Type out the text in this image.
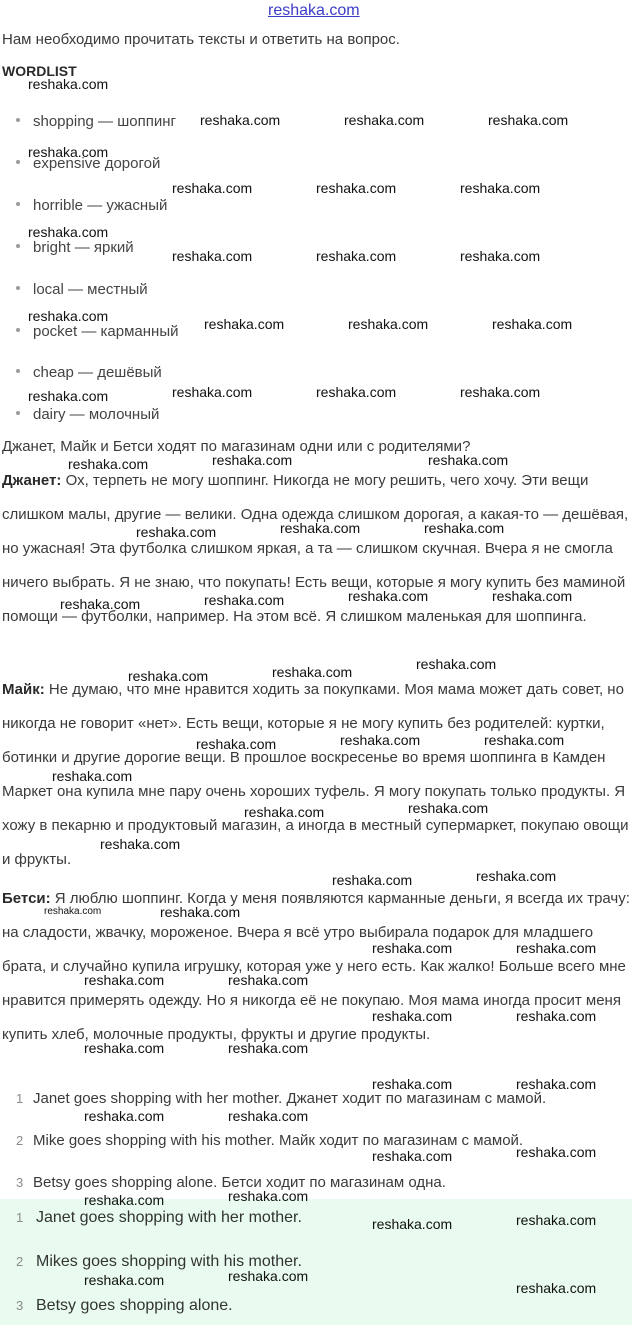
reshaka.com
Нам необходимо прочитать тексты и ответить на вопрос.
WORDLIST
shopping — шоппинг
expensive дорогой
horrible — ужасный
bright — яркий
local — местный
pocket — карманный
cheap — дешёвый
dairy — молочный
Джанет, Майк и Бетси ходят по магазинам одни или с родителями?
Джанет: Ох, терпеть не могу шоппинг. Никогда не могу решить, чего хочу. Эти вещи слишком малы, другие — велики. Одна одежда слишком дорогая, а какая-то — дешёвая, но ужасная! Эта футболка слишком яркая, а та — слишком скучная. Вчера я не смогла ничего выбрать. Я не знаю, что покупать! Есть вещи, которые я могу купить без маминой помощи — футболки, например. На этом всё. Я слишком маленькая для шоппинга.
Майк: Не думаю, что мне нравится ходить за покупками. Моя мама может дать совет, но никогда не говорит «нет». Есть вещи, которые я не могу купить без родителей: куртки, ботинки и другие дорогие вещи. В прошлое воскресенье во время шоппинга в Камден Маркет она купила мне пару очень хороших туфель. Я могу покупать только продукты. Я хожу в пекарню и продуктовый магазин, а иногда в местный супермаркет, покупаю овощи и фрукты.
Бетси: Я люблю шоппинг. Когда у меня появляются карманные деньги, я всегда их трачу: на сладости, жвачку, мороженое. Вчера я всё утро выбирала подарок для младшего брата, и случайно купила игрушку, которая уже у него есть. Как жалко! Больше всего мне нравится примерять одежду. Но я никогда её не покупаю. Моя мама иногда просит меня купить хлеб, молочные продукты, фрукты и другие продукты.
1 Janet goes shopping with her mother. Джанет ходит по магазинам с мамой.
2 Mike goes shopping with his mother. Майк ходит по магазинам с мамой.
3 Betsy goes shopping alone. Бетси ходит по магазинам одна.
1 Janet goes shopping with her mother.
2 Mikes goes shopping with his mother.
3 Betsy goes shopping alone.
reshaka.com
reshaka.com	reshaka.com	reshaka.com
reshaka.com
reshaka.com	reshaka.com	reshaka.com
reshaka.com
reshaka.com	reshaka.com	reshaka.com
reshaka.com	reshaka.com	reshaka.com	reshaka.com
reshaka.com	reshaka.com	reshaka.com
reshaka.com
reshaka.com	reshaka.com	reshaka.com
reshaka.com	reshaka.com	reshaka.com
reshaka.com	reshaka.com	reshaka.com	reshaka.com
reshaka.com	reshaka.com	reshaka.com
reshaka.com	reshaka.com	reshaka.com
reshaka.com
reshaka.com	reshaka.com
reshaka.com
reshaka.com	reshaka.com
reshaka.com	reshaka.com
reshaka.com	reshaka.com
reshaka.com	reshaka.com
reshaka.com	reshaka.com
reshaka.com	reshaka.com
reshaka.com	reshaka.com
reshaka.com	reshaka.com
reshaka.com
reshaka.com
reshaka.com	reshaka.com
reshaka.com	reshaka.com
reshaka.com	reshaka.com
reshaka.com
